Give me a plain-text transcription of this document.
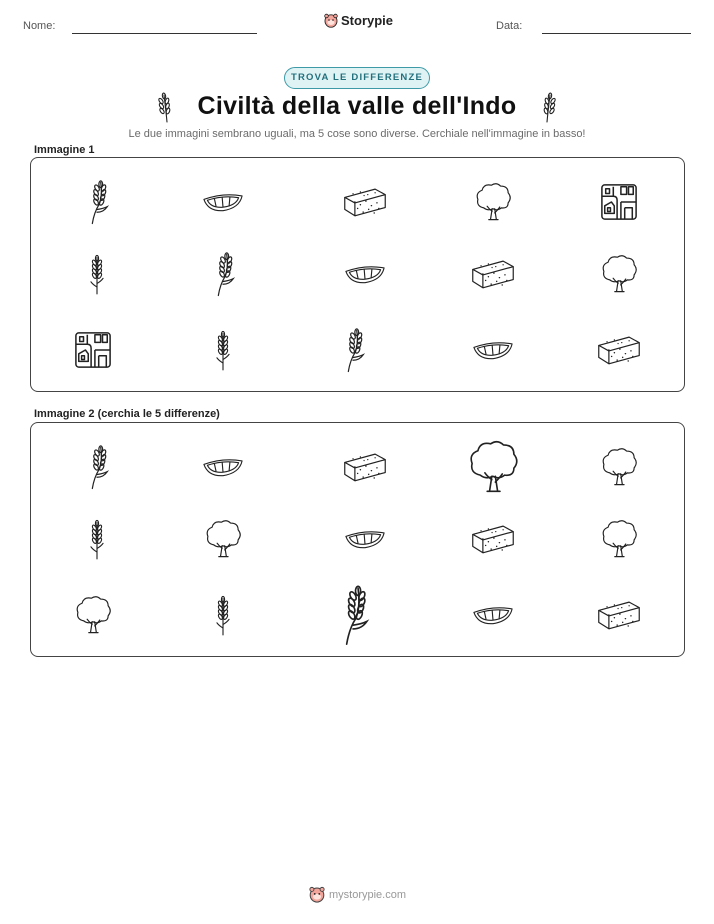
Nome:	Storypie	Data:
TROVA LE DIFFERENZE
Civiltà della valle dell'Indo
Le due immagini sembrano uguali, ma 5 cose sono diverse. Cerchiale nell'immagine in basso!
Immagine 1
Immagine 2 (cerchia le 5 differenze)
mystorypie.com
